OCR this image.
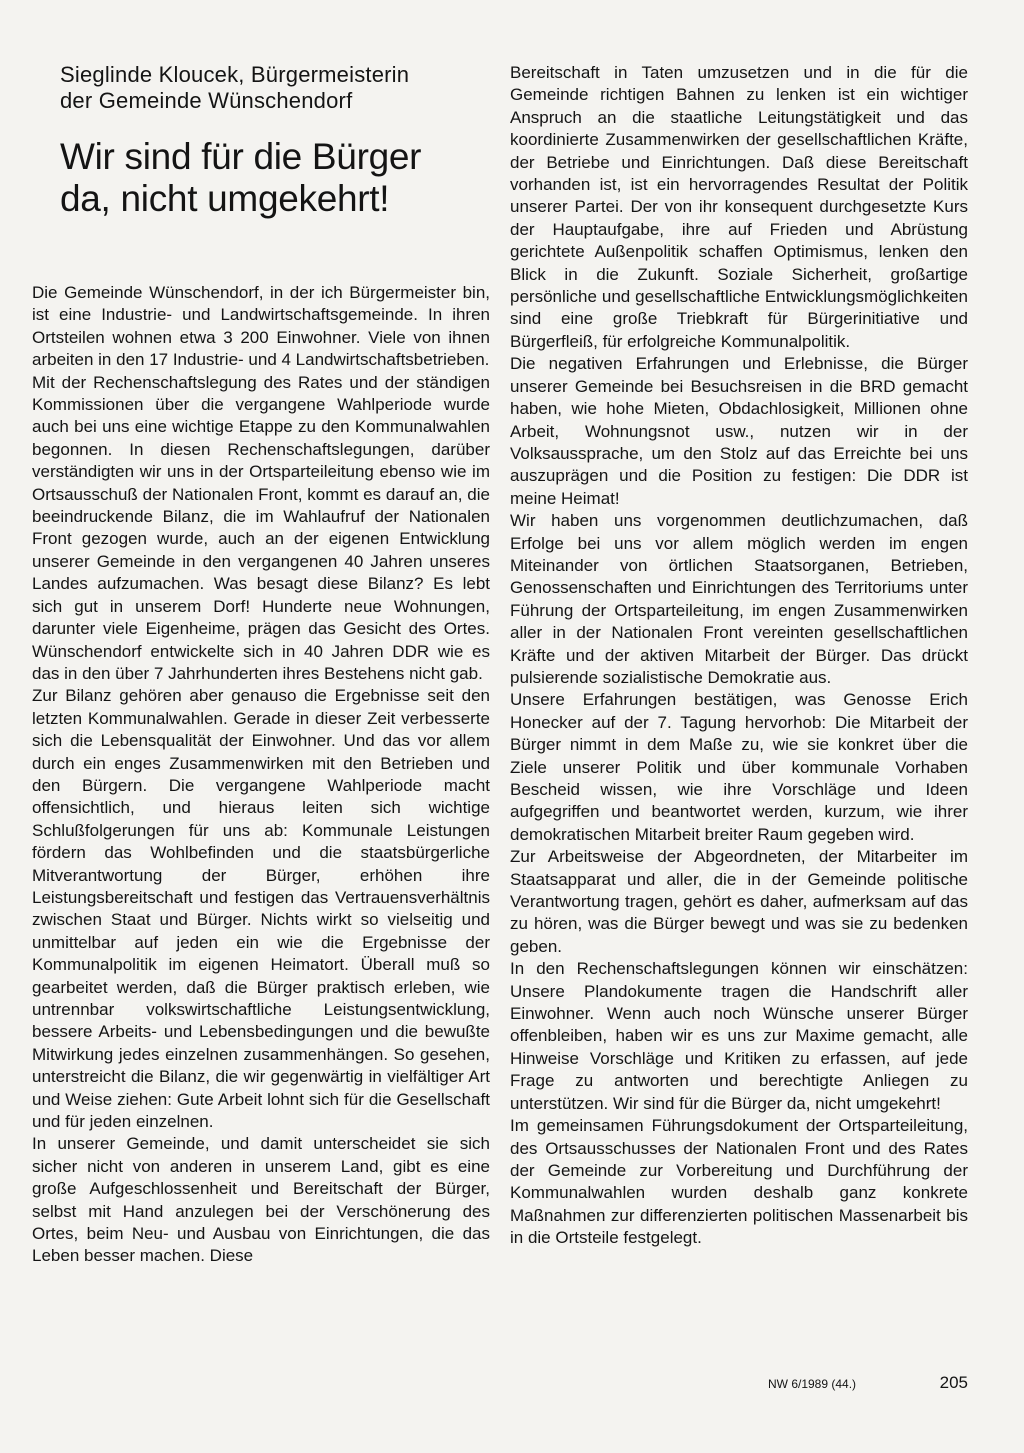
Sieglinde Kloucek, Bürgermeisterin
der Gemeinde Wünschendorf
Wir sind für die Bürger
da, nicht umgekehrt!

Die Gemeinde Wünschendorf, in der ich Bürgermeister bin, ist eine Industrie- und Landwirtschaftsgemeinde. In ihren Ortsteilen wohnen etwa 3 200 Einwohner. Viele von ihnen arbeiten in den 17 Industrie- und 4 Landwirtschaftsbetrieben.

Mit der Rechenschaftslegung des Rates und der ständigen Kommissionen über die vergangene Wahlperiode wurde auch bei uns eine wichtige Etappe zu den Kommunalwahlen begonnen. In diesen Rechenschaftslegungen, darüber verständigten wir uns in der Ortsparteileitung ebenso wie im Ortsausschuß der Nationalen Front, kommt es darauf an, die beeindruckende Bilanz, die im Wahlaufruf der Nationalen Front gezogen wurde, auch an der eigenen Entwicklung unserer Gemeinde in den vergangenen 40 Jahren unseres Landes aufzumachen. Was besagt diese Bilanz? Es lebt sich gut in unserem Dorf! Hunderte neue Wohnungen, darunter viele Eigenheime, prägen das Gesicht des Ortes. Wünschendorf entwickelte sich in 40 Jahren DDR wie es das in den über 7 Jahrhunderten ihres Bestehens nicht gab.

Zur Bilanz gehören aber genauso die Ergebnisse seit den letzten Kommunalwahlen. Gerade in dieser Zeit verbesserte sich die Lebensqualität der Einwohner. Und das vor allem durch ein enges Zusammenwirken mit den Betrieben und den Bürgern. Die vergangene Wahlperiode macht offensichtlich, und hieraus leiten sich wichtige Schlußfolgerungen für uns ab: Kommunale Leistungen fördern das Wohlbefinden und die staatsbürgerliche Mitverantwortung der Bürger, erhöhen ihre Leistungsbereitschaft und festigen das Vertrauensverhältnis zwischen Staat und Bürger. Nichts wirkt so vielseitig und unmittelbar auf jeden ein wie die Ergebnisse der Kommunalpolitik im eigenen Heimatort. Überall muß so gearbeitet werden, daß die Bürger praktisch erleben, wie untrennbar volkswirtschaftliche Leistungsentwicklung, bessere Arbeits- und Lebensbedingungen und die bewußte Mitwirkung jedes einzelnen zusammenhängen. So gesehen, unterstreicht die Bilanz, die wir gegenwärtig in vielfältiger Art und Weise ziehen: Gute Arbeit lohnt sich für die Gesellschaft und für jeden einzelnen.

In unserer Gemeinde, und damit unterscheidet sie sich sicher nicht von anderen in unserem Land, gibt es eine große Aufgeschlossenheit und Bereitschaft der Bürger, selbst mit Hand anzulegen bei der Verschönerung des Ortes, beim Neu- und Ausbau von Einrichtungen, die das Leben besser machen. Diese

Bereitschaft in Taten umzusetzen und in die für die Gemeinde richtigen Bahnen zu lenken ist ein wichtiger Anspruch an die staatliche Leitungstätigkeit und das koordinierte Zusammenwirken der gesellschaftlichen Kräfte, der Betriebe und Einrichtungen. Daß diese Bereitschaft vorhanden ist, ist ein hervorragendes Resultat der Politik unserer Partei. Der von ihr konsequent durchgesetzte Kurs der Hauptaufgabe, ihre auf Frieden und Abrüstung gerichtete Außenpolitik schaffen Optimismus, lenken den Blick in die Zukunft. Soziale Sicherheit, großartige persönliche und gesellschaftliche Entwicklungsmöglichkeiten sind eine große Triebkraft für Bürgerinitiative und Bürgerfleiß, für erfolgreiche Kommunalpolitik.

Die negativen Erfahrungen und Erlebnisse, die Bürger unserer Gemeinde bei Besuchsreisen in die BRD gemacht haben, wie hohe Mieten, Obdachlosigkeit, Millionen ohne Arbeit, Wohnungsnot usw., nutzen wir in der Volksaussprache, um den Stolz auf das Erreichte bei uns auszuprägen und die Position zu festigen: Die DDR ist meine Heimat!

Wir haben uns vorgenommen deutlichzumachen, daß Erfolge bei uns vor allem möglich werden im engen Miteinander von örtlichen Staatsorganen, Betrieben, Genossenschaften und Einrichtungen des Territoriums unter Führung der Ortsparteileitung, im engen Zusammenwirken aller in der Nationalen Front vereinten gesellschaftlichen Kräfte und der aktiven Mitarbeit der Bürger. Das drückt pulsierende sozialistische Demokratie aus.

Unsere Erfahrungen bestätigen, was Genosse Erich Honecker auf der 7. Tagung hervorhob: Die Mitarbeit der Bürger nimmt in dem Maße zu, wie sie konkret über die Ziele unserer Politik und über kommunale Vorhaben Bescheid wissen, wie ihre Vorschläge und Ideen aufgegriffen und beantwortet werden, kurzum, wie ihrer demokratischen Mitarbeit breiter Raum gegeben wird.

Zur Arbeitsweise der Abgeordneten, der Mitarbeiter im Staatsapparat und aller, die in der Gemeinde politische Verantwortung tragen, gehört es daher, aufmerksam auf das zu hören, was die Bürger bewegt und was sie zu bedenken geben.

In den Rechenschaftslegungen können wir einschätzen: Unsere Plandokumente tragen die Handschrift aller Einwohner. Wenn auch noch Wünsche unserer Bürger offenbleiben, haben wir es uns zur Maxime gemacht, alle Hinweise Vorschläge und Kritiken zu erfassen, auf jede Frage zu antworten und berechtigte Anliegen zu unterstützen. Wir sind für die Bürger da, nicht umgekehrt!

Im gemeinsamen Führungsdokument der Ortsparteileitung, des Ortsausschusses der Nationalen Front und des Rates der Gemeinde zur Vorbereitung und Durchführung der Kommunalwahlen wurden deshalb ganz konkrete Maßnahmen zur differenzierten politischen Massenarbeit bis in die Ortsteile festgelegt.

NW 6/1989 (44.)	205
